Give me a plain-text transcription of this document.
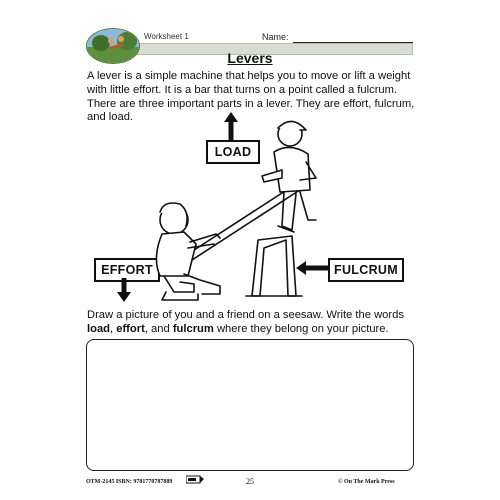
Worksheet 1	Name:
Levers

A lever is a simple machine that helps you to move or lift a weight with little effort. It is a bar that turns on a point called a fulcrum. There are three important parts in a lever. They are effort, fulcrum, and load.

LOAD
EFFORT	FULCRUM

Draw a picture of you and a friend on a seesaw. Write the words load, effort, and fulcrum where they belong on your picture.

OTM-2145 ISBN: 9781770787889	25	© On The Mark Press
